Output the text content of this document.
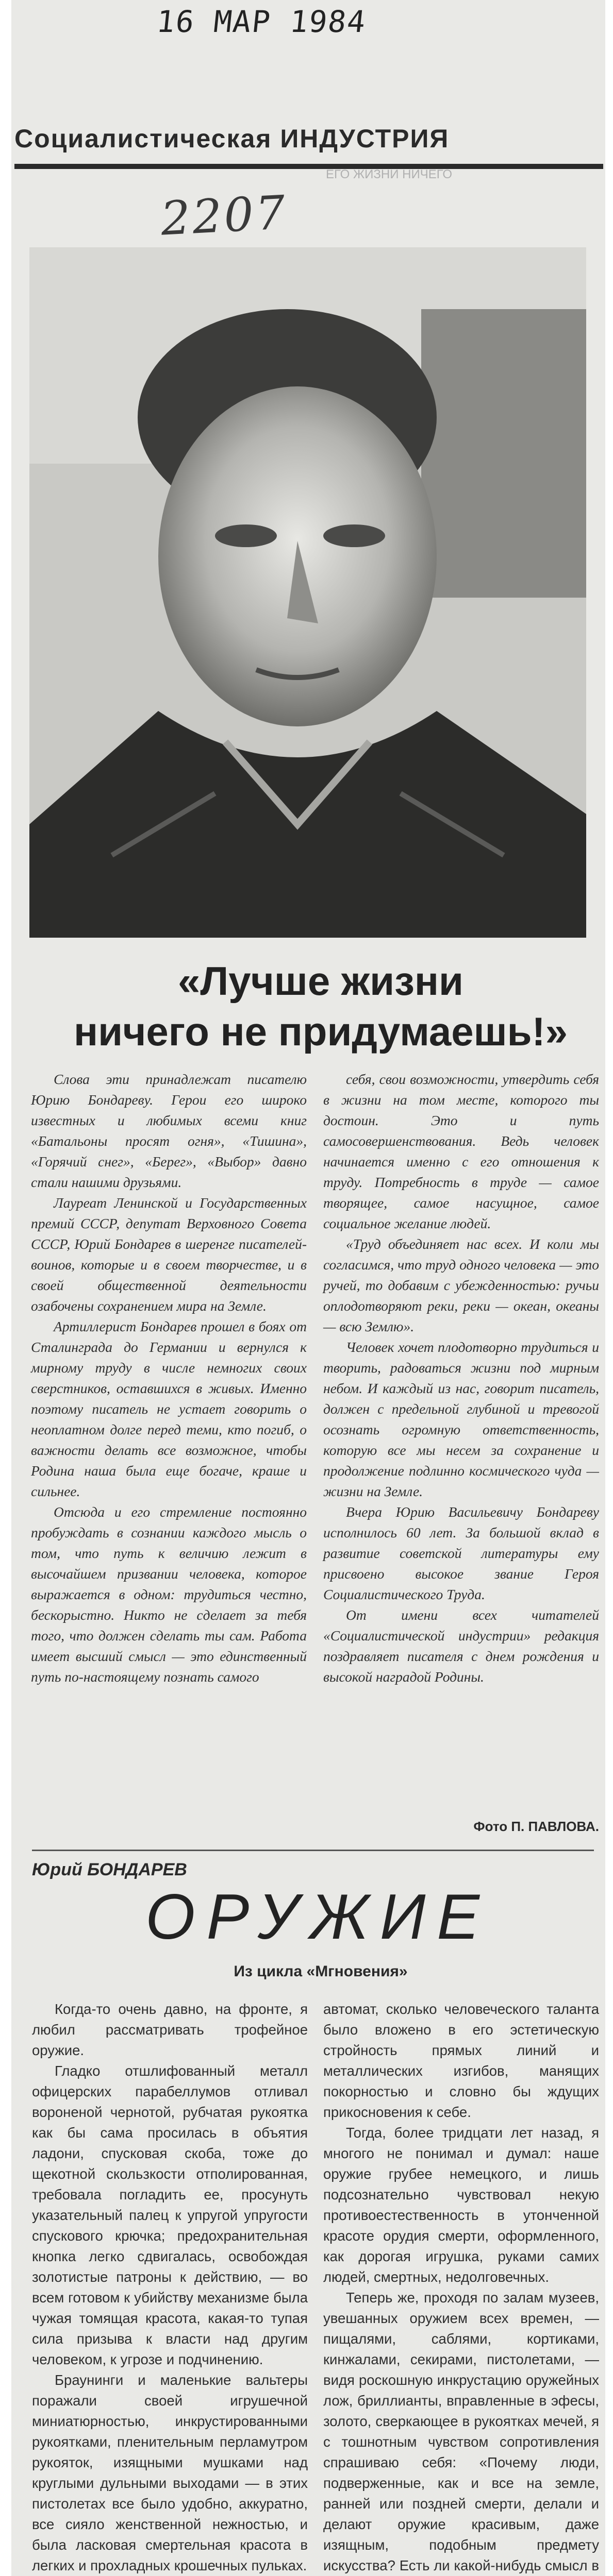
16 МАР 1984
Социалистическая ИНДУСТРИЯ
ЕГО ЖИЗНИ НИЧЕГО
2207
«Лучше жизни
ничего не придумаешь!»

Слова эти принадлежат писателю Юрию Бондареву. Герои его широко известных и любимых всеми книг «Батальоны просят огня», «Тишина», «Горячий снег», «Берег», «Выбор» давно стали нашими друзьями.

Лауреат Ленинской и Государственных премий СССР, депутат Верховного Совета СССР, Юрий Бондарев в шеренге писателей-воинов, которые и в своем творчестве, и в своей общественной деятельности озабочены сохранением мира на Земле.

Артиллерист Бондарев прошел в боях от Сталинграда до Германии и вернулся к мирному труду в числе немногих своих сверстников, оставшихся в живых. Именно поэтому писатель не устает говорить о неоплатном долге перед теми, кто погиб, о важности делать все возможное, чтобы Родина наша была еще богаче, краше и сильнее.

Отсюда и его стремление постоянно пробуждать в сознании каждого мысль о том, что путь к величию лежит в высочайшем призвании человека, которое выражается в одном: трудиться честно, бескорыстно. Никто не сделает за тебя того, что должен сделать ты сам. Работа имеет высший смысл — это единственный путь по-настоящему познать самого

себя, свои возможности, утвердить себя в жизни на том месте, которого ты достоин. Это и путь самосовершенствования. Ведь человек начинается именно с его отношения к труду. Потребность в труде — самое творящее, самое насущное, самое социальное желание людей.

«Труд объединяет нас всех. И коли мы согласимся, что труд одного человека — это ручей, то добавим с убежденностью: ручьи оплодотворяют реки, реки — океан, океаны — всю Землю».

Человек хочет плодотворно трудиться и творить, радоваться жизни под мирным небом. И каждый из нас, говорит писатель, должен с предельной глубиной и тревогой осознать огромную ответственность, которую все мы несем за сохранение и продолжение подлинно космического чуда — жизни на Земле.

Вчера Юрию Васильевичу Бондареву исполнилось 60 лет. За большой вклад в развитие советской литературы ему присвоено высокое звание Героя Социалистического Труда.

От имени всех читателей «Социалистической индустрии» редакция поздравляет писателя с днем рождения и высокой наградой Родины.

Фото П. ПАВЛОВА.
Юрий БОНДАРЕВ
ОРУЖИЕ
Из цикла «Мгновения»

Когда-то очень давно, на фронте, я любил рассматривать трофейное оружие.

Гладко отшлифованный металл офицерских парабеллумов отливал вороненой чернотой, рубчатая рукоятка как бы сама просилась в объятия ладони, спусковая скоба, тоже до щекотной скользкости отполированная, требовала погладить ее, просунуть указательный палец к упругой упругости спускового крючка; предохранительная кнопка легко сдвигалась, освобождая золотистые патроны к действию, — во всем готовом к убийству механизме была чужая томящая красота, какая-то тупая сила призыва к власти над другим человеком, к угрозе и подчинению.

Браунинги и маленькие вальтеры поражали своей игрушечной миниатюрностью, инкрустированными рукоятками, пленительным перламутром рукояток, изящными мушками над круглыми дульными выходами — в этих пистолетах все было удобно, аккуратно, все сияло женственной нежностью, и была ласковая смертельная красота в легких и прохладных крошечных пульках.

автомат, сколько человеческого таланта было вложено в его эстетическую стройность прямых линий и металлических изгибов, манящих покорностью и словно бы ждущих прикосновения к себе.

Тогда, более тридцати лет назад, я многого не понимал и думал: наше оружие грубее немецкого, и лишь подсознательно чувствовал некую противоестественность в утонченной красоте орудия смерти, оформленного, как дорогая игрушка, руками самих людей, смертных, недолговечных.

Теперь же, проходя по залам музеев, увешанных оружием всех времен, — пищалями, саблями, кортиками, кинжалами, секирами, пистолетами, — видя роскошную инкрустацию оружейных лож, бриллианты, вправленные в эфесы, золото, сверкающее в рукоятках мечей, я с тошнотным чувством сопротивления спрашиваю себя: «Почему люди, подверженные, как и все на земле, ранней или поздней смерти, делали и делают оружие красивым, даже изящным, подобным предмету искусства? Есть ли какой-нибудь смысл в
